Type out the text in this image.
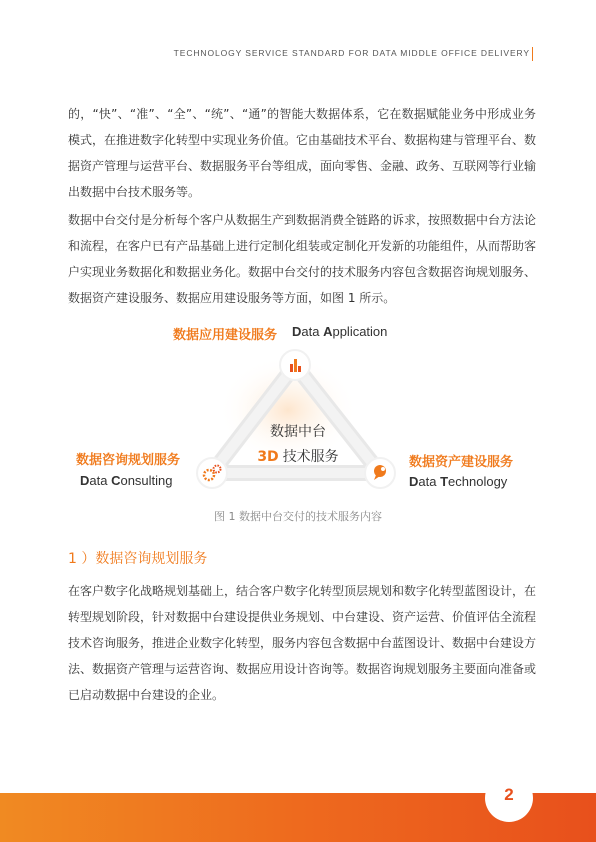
TECHNOLOGY SERVICE STANDARD FOR DATA MIDDLE OFFICE DELIVERY
的，“快”、“准”、“全”、“统”、“通”的智能大数据体系，它在数据赋能业务中形成业务模式，在推进数字化转型中实现业务价值。它由基础技术平台、数据构建与管理平台、数据资产管理与运营平台、数据服务平台等组成，面向零售、金融、政务、互联网等行业输出数据中台技术服务等。
数据中台交付是分析每个客户从数据生产到数据消费全链路的诉求，按照数据中台方法论和流程，在客户已有产品基础上进行定制化组装或定制化开发新的功能组件，从而帮助客户实现业务数据化和数据业务化。数据中台交付的技术服务内容包含数据咨询规划服务、数据资产建设服务、数据应用建设服务等方面，如图 1 所示。
数据应用建设服务 Data Application
数据咨询规划服务
Data Consulting
数据资产建设服务
Data Technology
数据中台
3D 技术服务
图 1 数据中台交付的技术服务内容
1 ）数据咨询规划服务
在客户数字化战略规划基础上，结合客户数字化转型顶层规划和数字化转型蓝图设计，在转型规划阶段，针对数据中台建设提供业务规划、中台建设、资产运营、价值评估全流程技术咨询服务，推进企业数字化转型，服务内容包含数据中台蓝图设计、数据中台建设方法、数据资产管理与运营咨询、数据应用设计咨询等。数据咨询规划服务主要面向准备或已启动数据中台建设的企业。
2
